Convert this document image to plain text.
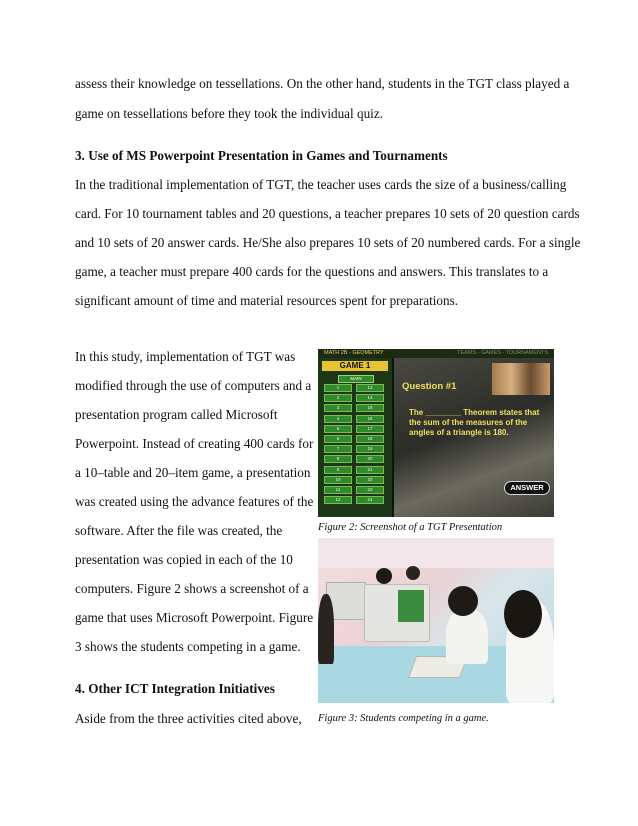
assess their knowledge on tessellations. On the other hand, students in the TGT class played a
game on tessellations before they took the individual quiz.
3. Use of MS Powerpoint Presentation in Games and Tournaments
In the traditional implementation of TGT, the teacher uses cards the size of a business/calling
card. For 10 tournament tables and 20 questions, a teacher prepares 10 sets of 20 question cards
and 10 sets of 20 answer cards. He/She also prepares 10 sets of 20 numbered cards. For a single
game, a teacher must prepare 400 cards for the questions and answers. This translates to a
significant amount of time and material resources spent for preparations.
In this study, implementation of TGT was
modified through the use of computers and a
presentation program called Microsoft
Powerpoint. Instead of creating 400 cards for
a 10–table and 20–item game, a presentation
was created using the advance features of the
software. After the file was created, the
presentation was copied in each of the 10
computers. Figure 2 shows a screenshot of a
game that uses Microsoft Powerpoint. Figure
3 shows the students competing in a game.
4. Other ICT Integration Initiatives
Aside from the three activities cited above,
MATH 2B - GEOMETRY	TEAMS - GAMES - TOURNAMENTS
GAME 1
MAIN
1	13
2	14
3	15
4	16
5	17
6	18
7	19
8	20
9	21
10	22
11	23
12	24
Question #1
The ________ Theorem states that the sum of the measures of the angles of a triangle is 180.
ANSWER
Figure 2: Screenshot of a TGT Presentation
Figure 3: Students competing in a game.
